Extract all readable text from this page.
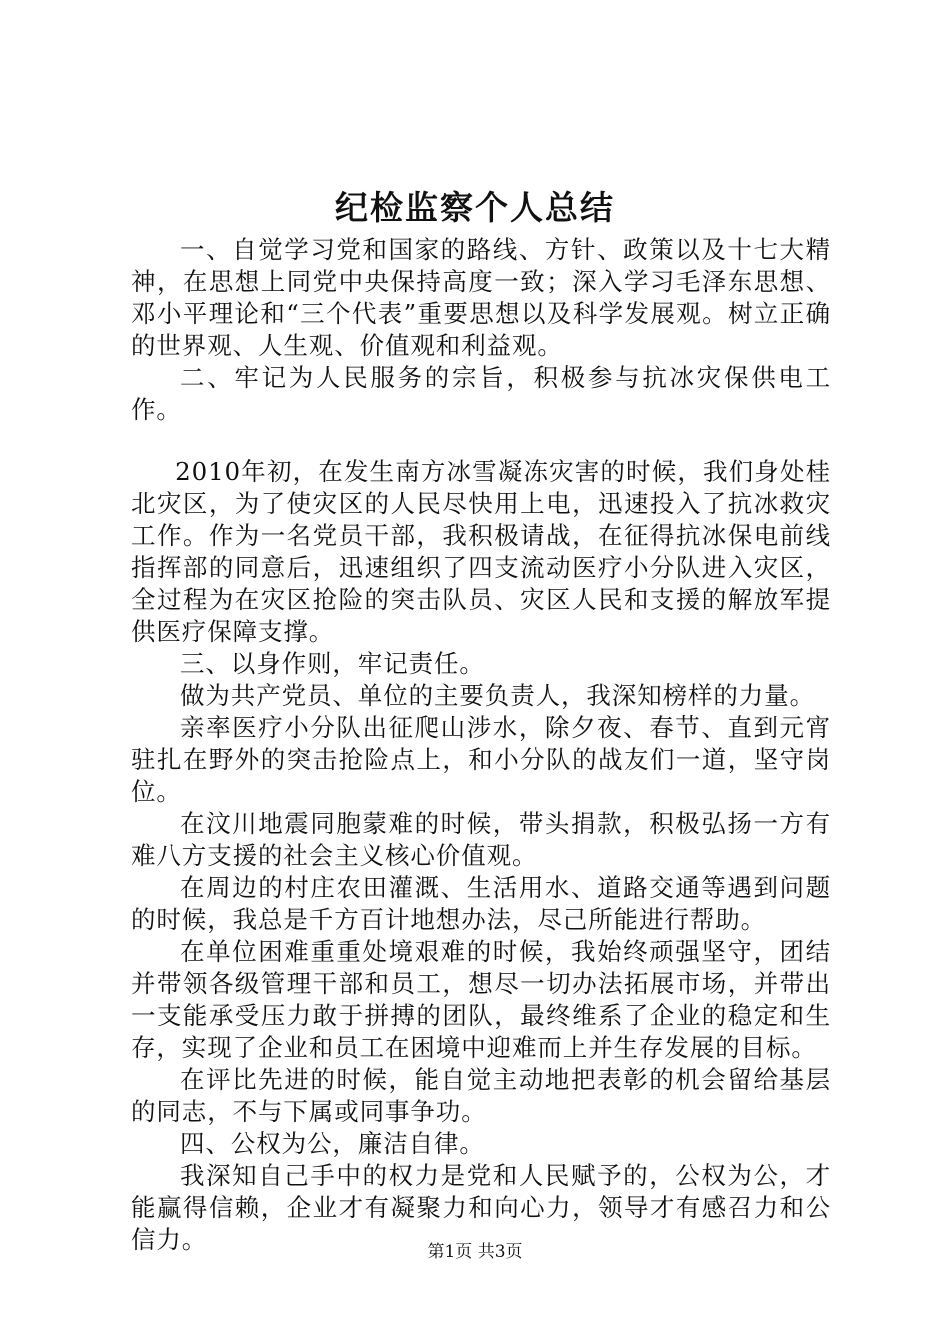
纪检监察个人总结

一、自觉学习党和国家的路线、方针、政策以及十七大精神，在思想上同党中央保持高度一致；深入学习毛泽东思想、邓小平理论和“三个代表”重要思想以及科学发展观。树立正确的世界观、人生观、价值观和利益观。

二、牢记为人民服务的宗旨，积极参与抗冰灾保供电工作。

2010年初，在发生南方冰雪凝冻灾害的时候，我们身处桂北灾区，为了使灾区的人民尽快用上电，迅速投入了抗冰救灾工作。作为一名党员干部，我积极请战，在征得抗冰保电前线指挥部的同意后，迅速组织了四支流动医疗小分队进入灾区，全过程为在灾区抢险的突击队员、灾区人民和支援的解放军提供医疗保障支撑。

三、以身作则，牢记责任。

做为共产党员、单位的主要负责人，我深知榜样的力量。

亲率医疗小分队出征爬山涉水，除夕夜、春节、直到元宵驻扎在野外的突击抢险点上，和小分队的战友们一道，坚守岗位。

在汶川地震同胞蒙难的时候，带头捐款，积极弘扬一方有难八方支援的社会主义核心价值观。

在周边的村庄农田灌溉、生活用水、道路交通等遇到问题的时候，我总是千方百计地想办法，尽己所能进行帮助。

在单位困难重重处境艰难的时候，我始终顽强坚守，团结并带领各级管理干部和员工，想尽一切办法拓展市场，并带出一支能承受压力敢于拼搏的团队，最终维系了企业的稳定和生存，实现了企业和员工在困境中迎难而上并生存发展的目标。

在评比先进的时候，能自觉主动地把表彰的机会留给基层的同志，不与下属或同事争功。

四、公权为公，廉洁自律。

我深知自己手中的权力是党和人民赋予的，公权为公，才能赢得信赖，企业才有凝聚力和向心力，领导才有感召力和公信力。	第1页 共3页
